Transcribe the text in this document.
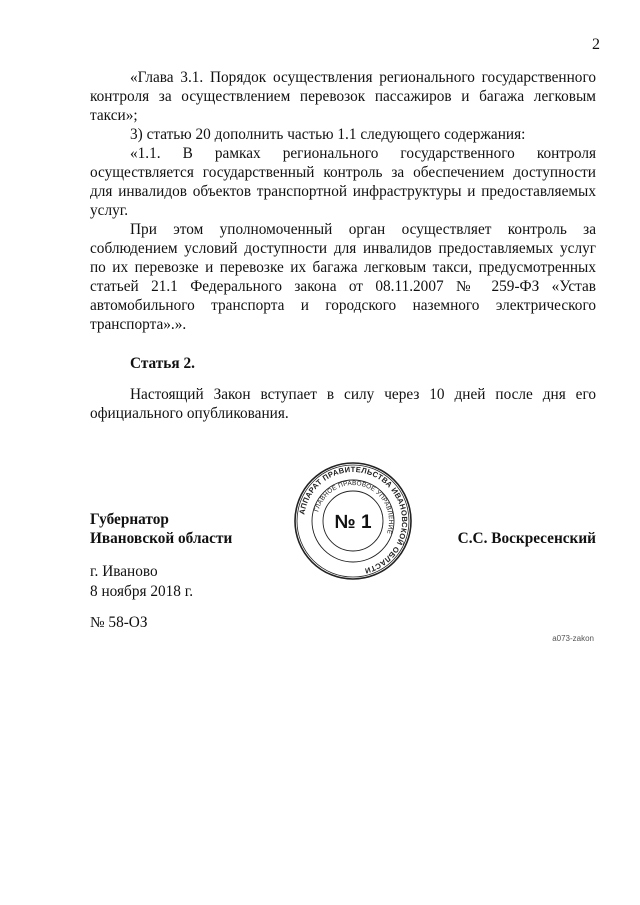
2

«Глава 3.1. Порядок осуществления регионального государственного контроля за осуществлением перевозок пассажиров и багажа легковым такси»;

3) статью 20 дополнить частью 1.1 следующего содержания:

«1.1. В рамках регионального государственного контроля осуществляется государственный контроль за обеспечением доступности для инвалидов объектов транспортной инфраструктуры и предоставляемых услуг.

При этом уполномоченный орган осуществляет контроль за соблюдением условий доступности для инвалидов предоставляемых услуг по их перевозке и перевозке их багажа легковым такси, предусмотренных статьей 21.1 Федерального закона от 08.11.2007 № 259-ФЗ «Устав автомобильного транспорта и городского наземного электрического транспорта».».

Статья 2.

Настоящий Закон вступает в силу через 10 дней после дня его официального опубликования.

Губернатор
Ивановской области	С.С. Воскресенский
г. Иваново
8 ноября 2018 г.
№ 58-ОЗ
a073-zakon
АППАРАТ ПРАВИТЕЛЬСТВА ИВАНОВСКОЙ ОБЛАСТИ
ГЛАВНОЕ ПРАВОВОЕ УПРАВЛЕНИЕ
№ 1
